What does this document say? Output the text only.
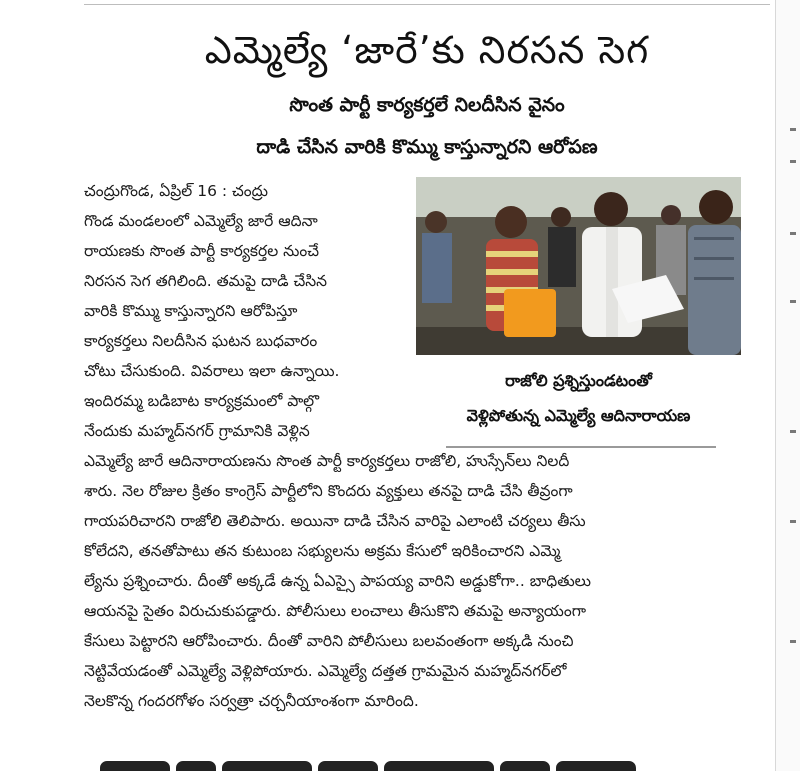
ఎమ్మెల్యే ‘జారే’కు నిరసన సెగ
సొంత పార్టీ కార్యకర్తలే నిలదీసిన వైనం
దాడి చేసిన వారికి కొమ్ము కాస్తున్నారని ఆరోపణ
చంద్రుగొండ, ఏప్రిల్ 16 : చంద్రు
గొండ మండలంలో ఎమ్మెల్యే జారే ఆదినా
రాయణకు సొంత పార్టీ కార్యకర్తల నుంచే
నిరసన సెగ తగిలింది. తమపై దాడి చేసిన
వారికి కొమ్ము కాస్తున్నారని ఆరోపిస్తూ
కార్యకర్తలు నిలదీసిన ఘటన బుధవారం
చోటు చేసుకుంది. వివరాలు ఇలా ఉన్నాయి.
ఇందిరమ్మ బడిబాట కార్యక్రమంలో పాల్గొ
నేందుకు మహ్మద్‌నగర్ గ్రామానికి వెళ్లిన
ఎమ్మెల్యే జారే ఆదినారాయణను సొంత పార్టీ కార్యకర్తలు రాజోలి, హుస్సేన్‌లు నిలదీ
శారు. నెల రోజుల క్రితం కాంగ్రెస్ పార్టీలోని కొందరు వ్యక్తులు తనపై దాడి చేసి తీవ్రంగా
గాయపరిచారని రాజోలి తెలిపారు. అయినా దాడి చేసిన వారిపై ఎలాంటి చర్యలు తీసు
కోలేదని, తనతోపాటు తన కుటుంబ సభ్యులను అక్రమ కేసులో ఇరికించారని ఎమ్మె
ల్యేను ప్రశ్నించారు. దీంతో అక్కడే ఉన్న ఏఎస్సై పాపయ్య వారిని అడ్డుకోగా.. బాధితులు
ఆయనపై సైతం విరుచుకుపడ్డారు. పోలీసులు లంచాలు తీసుకొని తమపై అన్యాయంగా
కేసులు పెట్టారని ఆరోపించారు. దీంతో వారిని పోలీసులు బలవంతంగా అక్కడి నుంచి
నెట్టివేయడంతో ఎమ్మెల్యే వెళ్లిపోయారు. ఎమ్మెల్యే దత్తత గ్రామమైన మహ్మద్‌నగర్‌లో
నెలకొన్న గందరగోళం సర్వత్రా చర్చనీయాంశంగా మారింది.
రాజోలి ప్రశ్నిస్తుండటంతో
వెళ్లిపోతున్న ఎమ్మెల్యే ఆదినారాయణ
